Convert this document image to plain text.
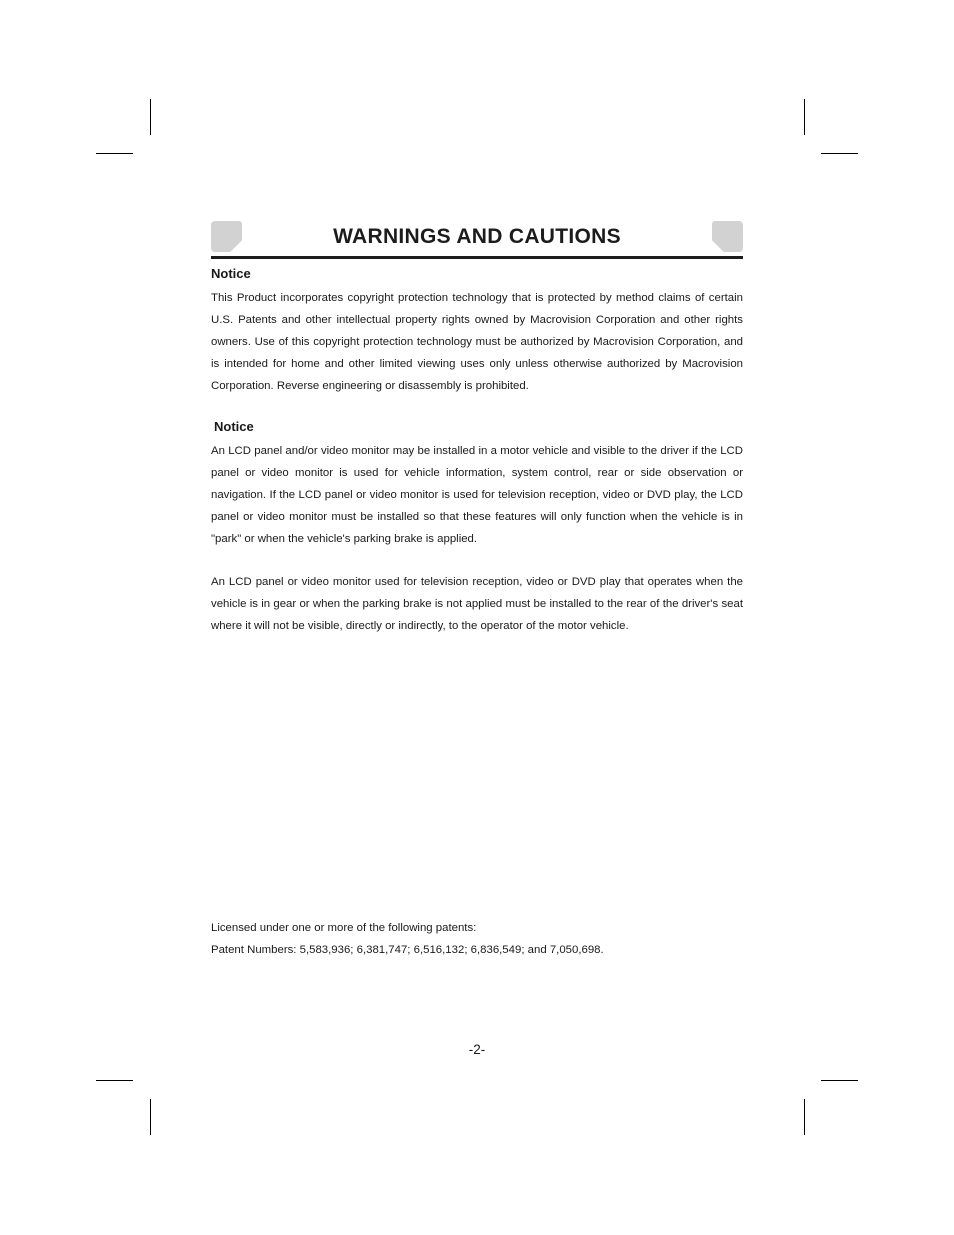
WARNINGS AND CAUTIONS
Notice

This Product incorporates copyright protection technology that is protected by method claims of certain U.S. Patents and other intellectual property rights owned by Macrovision Corporation and other rights owners. Use of this copyright protection technology must be authorized by Macrovision Corporation, and is intended for home and other limited viewing uses only unless otherwise authorized by Macrovision Corporation. Reverse engineering or disassembly is prohibited.

Notice

An LCD panel and/or video monitor may be installed in a motor vehicle and visible to the driver if the LCD panel or video monitor is used for vehicle information, system control, rear or side observation or navigation. If the LCD panel or video monitor is used for television reception, video or DVD play, the LCD panel or video monitor must be installed so that these features will only function when the vehicle is in "park" or when the vehicle's parking brake is applied.

An LCD panel or video monitor used for television reception, video or DVD play that operates when the vehicle is in gear or when the parking brake is not applied must be installed to the rear of the driver's seat where it will not be visible, directly or indirectly, to the operator of the motor vehicle.

Licensed under one or more of the following patents:
Patent Numbers: 5,583,936; 6,381,747; 6,516,132; 6,836,549; and 7,050,698.
-2-
